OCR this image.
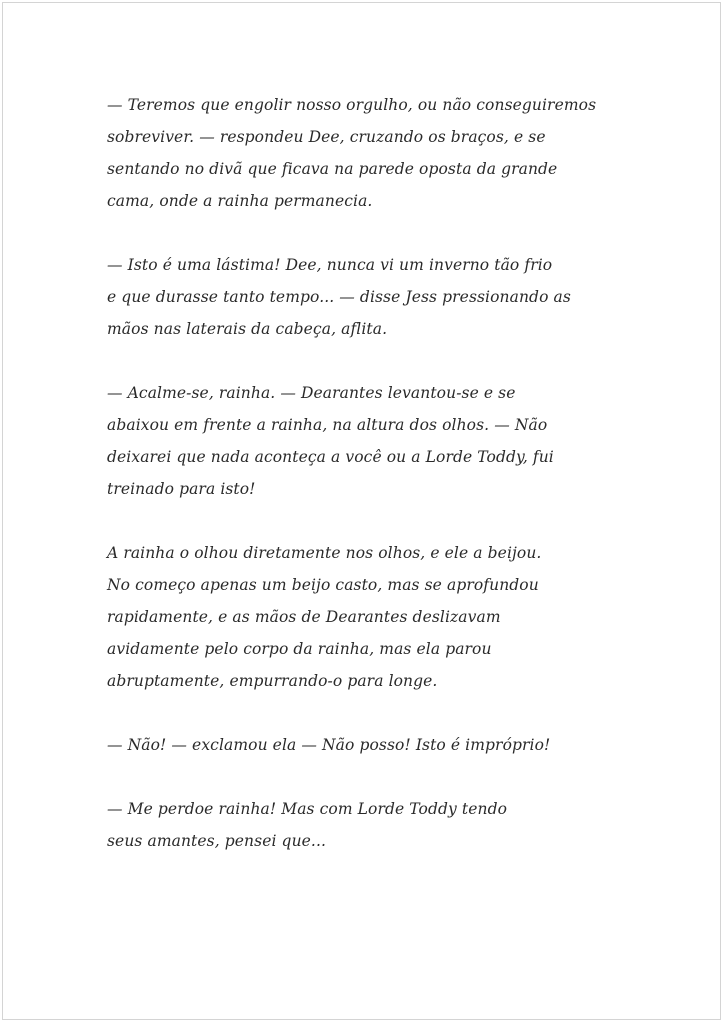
— Teremos que engolir nosso orgulho, ou não conseguiremos
sobreviver. — respondeu Dee, cruzando os braços, e se
sentando no divã que ficava na parede oposta da grande
cama, onde a rainha permanecia.
— Isto é uma lástima! Dee, nunca vi um inverno tão frio
e que durasse tanto tempo... — disse Jess pressionando as
mãos nas laterais da cabeça, aflita.
— Acalme-se, rainha. — Dearantes levantou-se e se
abaixou em frente a rainha, na altura dos olhos. — Não
deixarei que nada aconteça a você ou a Lorde Toddy, fui
treinado para isto!
A rainha o olhou diretamente nos olhos, e ele a beijou.
No começo apenas um beijo casto, mas se aprofundou
rapidamente, e as mãos de Dearantes deslizavam
avidamente pelo corpo da rainha, mas ela parou
abruptamente, empurrando-o para longe.
— Não! — exclamou ela — Não posso! Isto é impróprio!
— Me perdoe rainha! Mas com Lorde Toddy tendo
seus amantes, pensei que...
